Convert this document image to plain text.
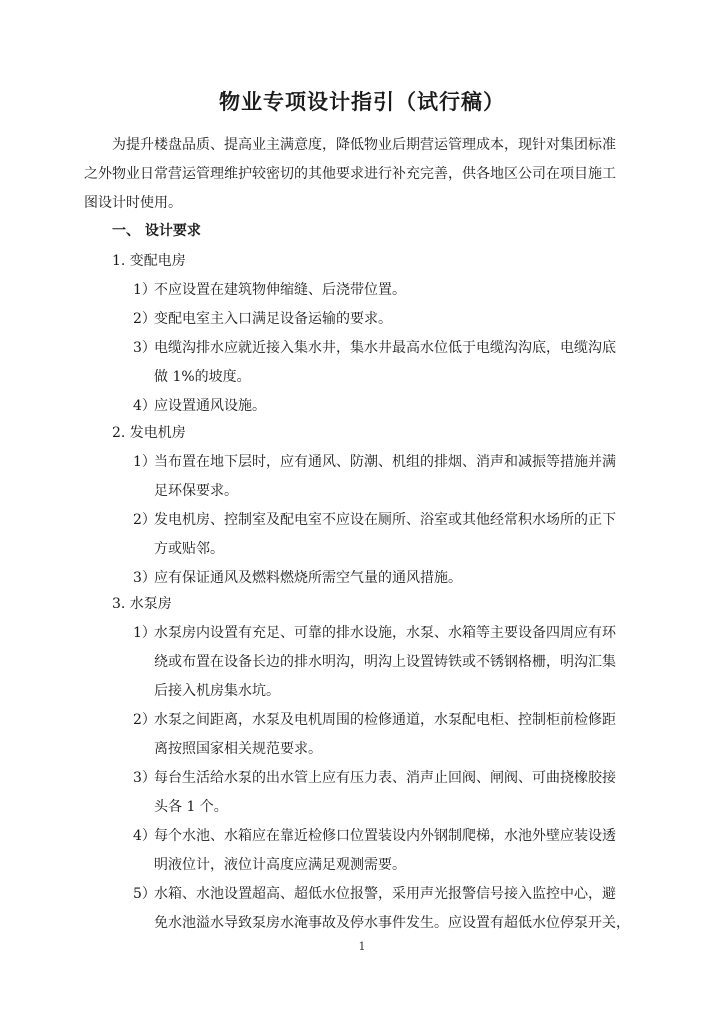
物业专项设计指引（试行稿）
为提升楼盘品质、提高业主满意度，降低物业后期营运管理成本，现针对集团标准
之外物业日常营运管理维护较密切的其他要求进行补充完善，供各地区公司在项目施工
图设计时使用。
一、 设计要求
1. 变配电房
1）
不应设置在建筑物伸缩缝、后浇带位置。
2）
变配电室主入口满足设备运输的要求。
3）
电缆沟排水应就近接入集水井，集水井最高水位低于电缆沟沟底，电缆沟底
做 1%的坡度。
4）
应设置通风设施。
2. 发电机房
1）
当布置在地下层时，应有通风、防潮、机组的排烟、消声和减振等措施并满
足环保要求。
2）
发电机房、控制室及配电室不应设在厕所、浴室或其他经常积水场所的正下
方或贴邻。
3）
应有保证通风及燃料燃烧所需空气量的通风措施。
3. 水泵房
1）
水泵房内设置有充足、可靠的排水设施，水泵、水箱等主要设备四周应有环
绕或布置在设备长边的排水明沟，明沟上设置铸铁或不锈钢格栅，明沟汇集
后接入机房集水坑。
2）
水泵之间距离，水泵及电机周围的检修通道，水泵配电柜、控制柜前检修距
离按照国家相关规范要求。
3）
每台生活给水泵的出水管上应有压力表、消声止回阀、闸阀、可曲挠橡胶接
头各 1 个。
4）
每个水池、水箱应在靠近检修口位置装设内外钢制爬梯，水池外壁应装设透
明液位计，液位计高度应满足观测需要。
5）
水箱、水池设置超高、超低水位报警，采用声光报警信号接入监控中心，避
免水池溢水导致泵房水淹事故及停水事件发生。应设置有超低水位停泵开关，
1
